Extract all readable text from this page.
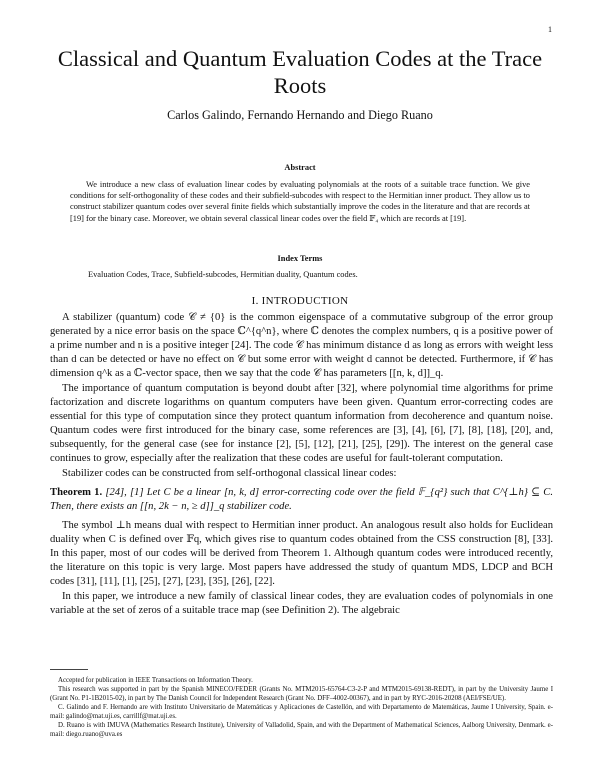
1
Classical and Quantum Evaluation Codes at the Trace Roots
Carlos Galindo, Fernando Hernando and Diego Ruano
Abstract

We introduce a new class of evaluation linear codes by evaluating polynomials at the roots of a suitable trace function. We give conditions for self-orthogonality of these codes and their subfield-subcodes with respect to the Hermitian inner product. They allow us to construct stabilizer quantum codes over several finite fields which substantially improve the codes in the literature and that are records at [19] for the binary case. Moreover, we obtain several classical linear codes over the field 𝔽₄ which are records at [19].

Index Terms
Evaluation Codes, Trace, Subfield-subcodes, Hermitian duality, Quantum codes.
I. INTRODUCTION

A stabilizer (quantum) code 𝒞 ≠ {0} is the common eigenspace of a commutative subgroup of the error group generated by a nice error basis on the space ℂ^{q^n}, where ℂ denotes the complex numbers, q is a positive power of a prime number and n is a positive integer [24]. The code 𝒞 has minimum distance d as long as errors with weight less than d can be detected or have no effect on 𝒞 but some error with weight d cannot be detected. Furthermore, if 𝒞 has dimension q^k as a ℂ-vector space, then we say that the code 𝒞 has parameters [[n, k, d]]_q.

The importance of quantum computation is beyond doubt after [32], where polynomial time algorithms for prime factorization and discrete logarithms on quantum computers have been given. Quantum error-correcting codes are essential for this type of computation since they protect quantum information from decoherence and quantum noise. Quantum codes were first introduced for the binary case, some references are [3], [4], [6], [7], [8], [18], [20], and, subsequently, for the general case (see for instance [2], [5], [12], [21], [25], [29]). The interest on the general case continues to grow, especially after the realization that these codes are useful for fault-tolerant computation.

Stabilizer codes can be constructed from self-orthogonal classical linear codes:

Theorem 1. [24], [1] Let C be a linear [n, k, d] error-correcting code over the field 𝔽_{q²} such that C^{⊥h} ⊆ C. Then, there exists an [[n, 2k − n, ≥ d]]_q stabilizer code.

The symbol ⊥h means dual with respect to Hermitian inner product. An analogous result also holds for Euclidean duality when C is defined over 𝔽q, which gives rise to quantum codes obtained from the CSS construction [8], [33]. In this paper, most of our codes will be derived from Theorem 1. Although quantum codes were introduced recently, the literature on this topic is very large. Most papers have addressed the study of quantum MDS, LDCP and BCH codes [31], [11], [1], [25], [27], [23], [35], [26], [22].

In this paper, we introduce a new family of classical linear codes, they are evaluation codes of polynomials in one variable at the set of zeros of a suitable trace map (see Definition 2). The algebraic

Accepted for publication in IEEE Transactions on Information Theory.

This research was supported in part by the Spanish MINECO/FEDER (Grants No. MTM2015-65764-C3-2-P and MTM2015-69138-REDT), in part by the University Jaume I (Grant No. P1-1B2015-02), in part by The Danish Council for Independent Research (Grant No. DFF–4002-00367), and in part by RYC-2016-20208 (AEI/FSE/UE).

C. Galindo and F. Hernando are with Instituto Universitario de Matemáticas y Aplicaciones de Castellón, and with Departamento de Matemáticas, Jaume I University, Spain. e-mail: galindo@mat.uji.es, carrillf@mat.uji.es.

D. Ruano is with IMUVA (Mathematics Research Institute), University of Valladolid, Spain, and with the Department of Mathematical Sciences, Aalborg University, Denmark. e-mail: diego.ruano@uva.es
